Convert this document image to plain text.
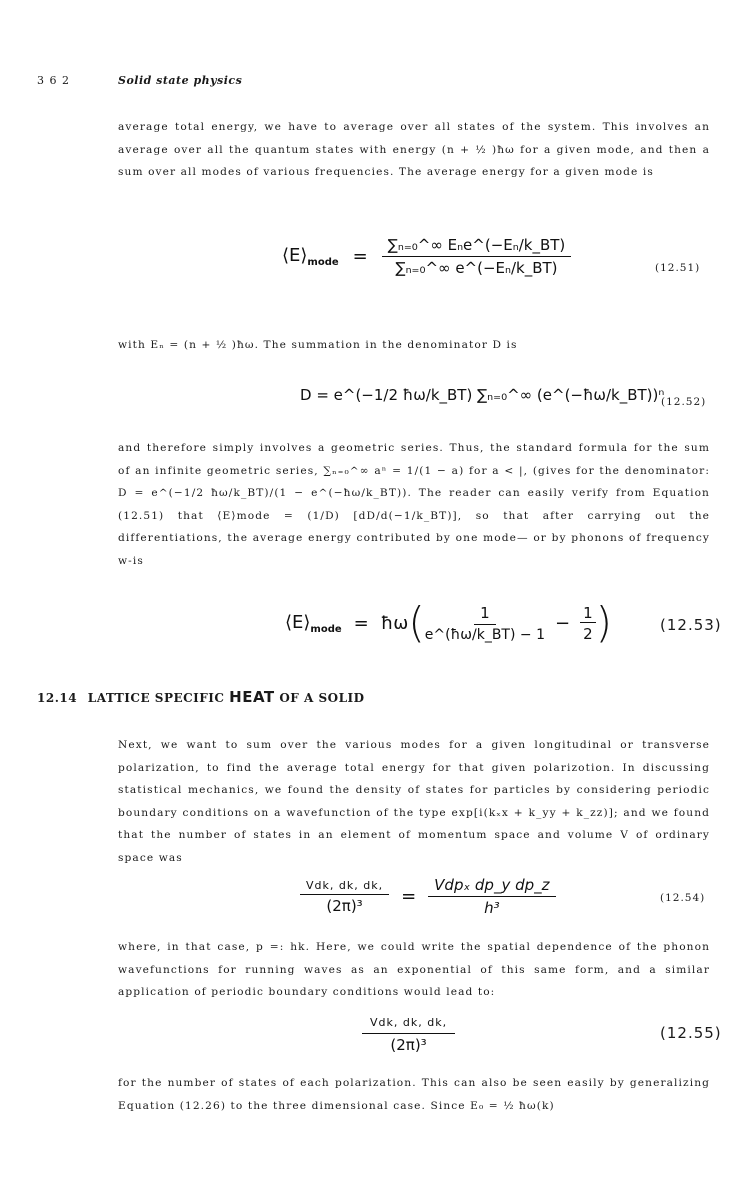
3 6 2	Solid state physics

average total energy, we have to average over all states of the system. This involves an average over all the quantum states with energy (n + ½ )ħω for a given mode, and then a sum over all modes of various frequencies. The average energy for a given mode is

$⟨E⟩_{mode} = \frac{\text{∑ₙ₌₀\textasciicircum{}∞ Eₙe\textasciicircum{}(−Eₙ/k\_BT)}}{\text{∑ₙ₌₀\textasciicircum{}∞ e\textasciicircum{}(−Eₙ/k\_BT)}}$	(12.51)

with Eₙ = (n + ½ )ħω. The summation in the denominator D is

D = e^(−1/2 ħω/k_BT) ∑ₙ₌₀^∞ (e^(−ħω/k_BT))ⁿ
(12.52)

and therefore simply involves a geometric series. Thus, the standard formula for the sum of an infinite geometric series, ∑ₙ₌₀^∞ aⁿ = 1/(1 − a) for a < |, (gives for the denominator: D = e^(−1/2 ħω/k_BT)/(1 − e^(−ħω/k_BT)). The reader can easily verify from Equation (12.51) that ⟨E⟩mode = (1/D) [dD/d(−1/k_BT)], so that after carrying out the differentiations, the average energy contributed by one mode— or by phonons of frequency w-is

$⟨E⟩_{mode}$ = ħω ( $\frac{1}{e\^{}(ħ\omega/k\_BT) - 1} - \frac{1}{2}$ )	(12.53)
12.14 LATTICE SPECIFIC HEAT OF A SOLID

Next, we want to sum over the various modes for a given longitudinal or transverse polarization, to find the average total energy for that given polarizotion. In discussing statistical mechanics, we found the density of states for particles by considering periodic boundary conditions on a wavefunction of the type exp[i(kₓx + k_yy + k_zz)]; and we found that the number of states in an element of momentum space and volume V of ordinary space was

$\frac{\text{Vdk, dk, dk,}}{\text{(2π)³}} = \frac{\text{Vdpₓ dp\_y dp\_z}}{\text{h³}}$	(12.54)

where, in that case, p =: hk. Here, we could write the spatial dependence of the phonon wavefunctions for running waves as an exponential of this same form, and a similar application of periodic boundary conditions would lead to:

$\frac{\text{Vdk, dk, dk,}}{\text{(2π)³}}$	(12.55)

for the number of states of each polarization. This can also be seen easily by generalizing Equation (12.26) to the three dimensional case. Since E₀ = ½ ħω(k)
